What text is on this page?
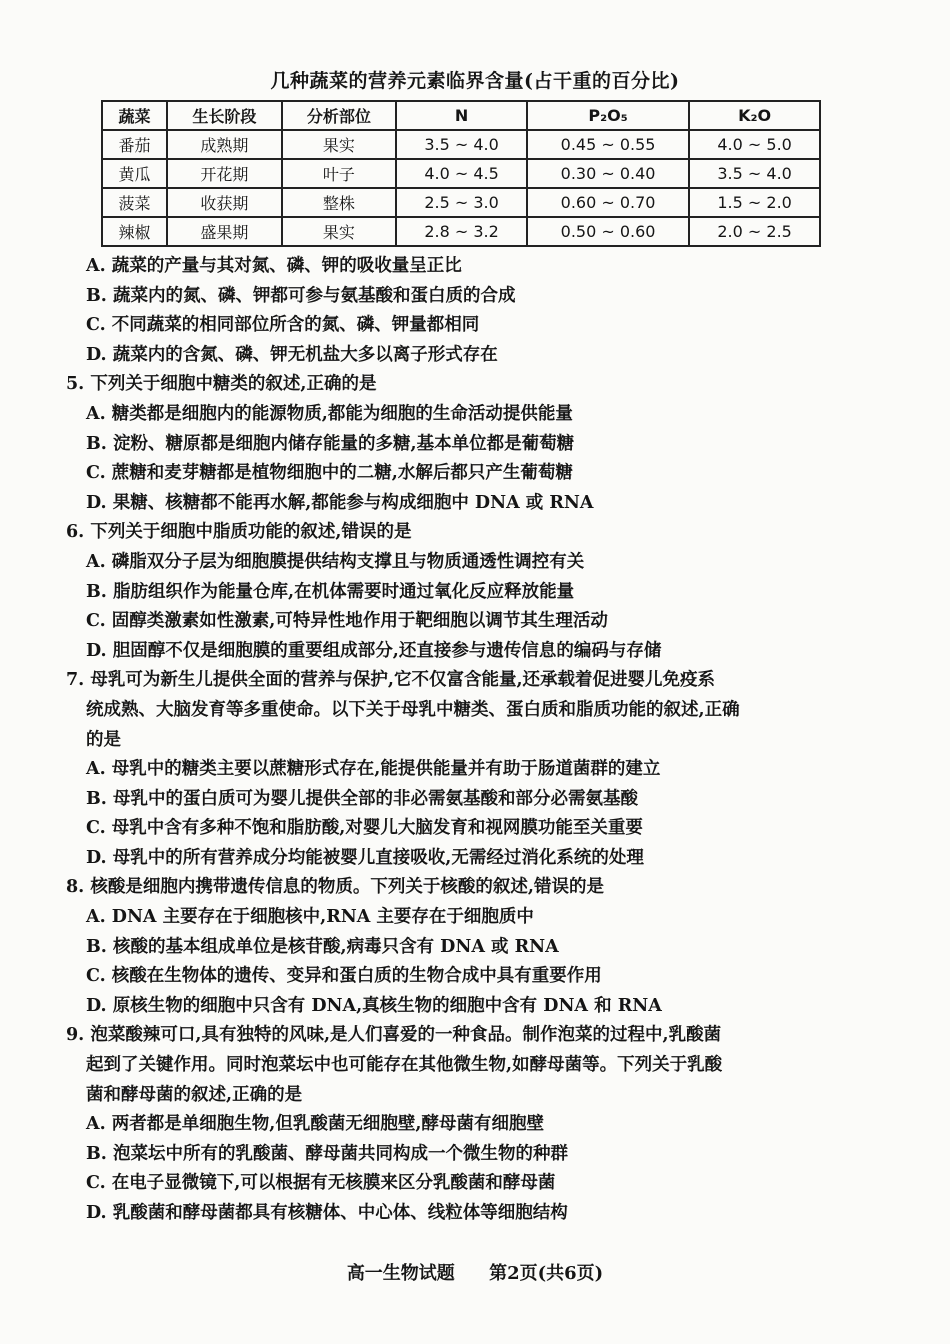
几种蔬菜的营养元素临界含量(占干重的百分比)
蔬菜	生长阶段	分析部位	N	P₂O₅	K₂O
番茄	成熟期	果实	3.5 ~ 4.0	0.45 ~ 0.55	4.0 ~ 5.0
黄瓜	开花期	叶子	4.0 ~ 4.5	0.30 ~ 0.40	3.5 ~ 4.0
菠菜	收获期	整株	2.5 ~ 3.0	0.60 ~ 0.70	1.5 ~ 2.0
辣椒	盛果期	果实	2.8 ~ 3.2	0.50 ~ 0.60	2.0 ~ 2.5
A. 蔬菜的产量与其对氮、磷、钾的吸收量呈正比
B. 蔬菜内的氮、磷、钾都可参与氨基酸和蛋白质的合成
C. 不同蔬菜的相同部位所含的氮、磷、钾量都相同
D. 蔬菜内的含氮、磷、钾无机盐大多以离子形式存在
5. 下列关于细胞中糖类的叙述,正确的是
A. 糖类都是细胞内的能源物质,都能为细胞的生命活动提供能量
B. 淀粉、糖原都是细胞内储存能量的多糖,基本单位都是葡萄糖
C. 蔗糖和麦芽糖都是植物细胞中的二糖,水解后都只产生葡萄糖
D. 果糖、核糖都不能再水解,都能参与构成细胞中 DNA 或 RNA
6. 下列关于细胞中脂质功能的叙述,错误的是
A. 磷脂双分子层为细胞膜提供结构支撑且与物质通透性调控有关
B. 脂肪组织作为能量仓库,在机体需要时通过氧化反应释放能量
C. 固醇类激素如性激素,可特异性地作用于靶细胞以调节其生理活动
D. 胆固醇不仅是细胞膜的重要组成部分,还直接参与遗传信息的编码与存储
7. 母乳可为新生儿提供全面的营养与保护,它不仅富含能量,还承载着促进婴儿免疫系
统成熟、大脑发育等多重使命。以下关于母乳中糖类、蛋白质和脂质功能的叙述,正确
的是
A. 母乳中的糖类主要以蔗糖形式存在,能提供能量并有助于肠道菌群的建立
B. 母乳中的蛋白质可为婴儿提供全部的非必需氨基酸和部分必需氨基酸
C. 母乳中含有多种不饱和脂肪酸,对婴儿大脑发育和视网膜功能至关重要
D. 母乳中的所有营养成分均能被婴儿直接吸收,无需经过消化系统的处理
8. 核酸是细胞内携带遗传信息的物质。下列关于核酸的叙述,错误的是
A. DNA 主要存在于细胞核中,RNA 主要存在于细胞质中
B. 核酸的基本组成单位是核苷酸,病毒只含有 DNA 或 RNA
C. 核酸在生物体的遗传、变异和蛋白质的生物合成中具有重要作用
D. 原核生物的细胞中只含有 DNA,真核生物的细胞中含有 DNA 和 RNA
9. 泡菜酸辣可口,具有独特的风味,是人们喜爱的一种食品。制作泡菜的过程中,乳酸菌
起到了关键作用。同时泡菜坛中也可能存在其他微生物,如酵母菌等。下列关于乳酸
菌和酵母菌的叙述,正确的是
A. 两者都是单细胞生物,但乳酸菌无细胞壁,酵母菌有细胞壁
B. 泡菜坛中所有的乳酸菌、酵母菌共同构成一个微生物的种群
C. 在电子显微镜下,可以根据有无核膜来区分乳酸菌和酵母菌
D. 乳酸菌和酵母菌都具有核糖体、中心体、线粒体等细胞结构
高一生物试题 第2页(共6页)
